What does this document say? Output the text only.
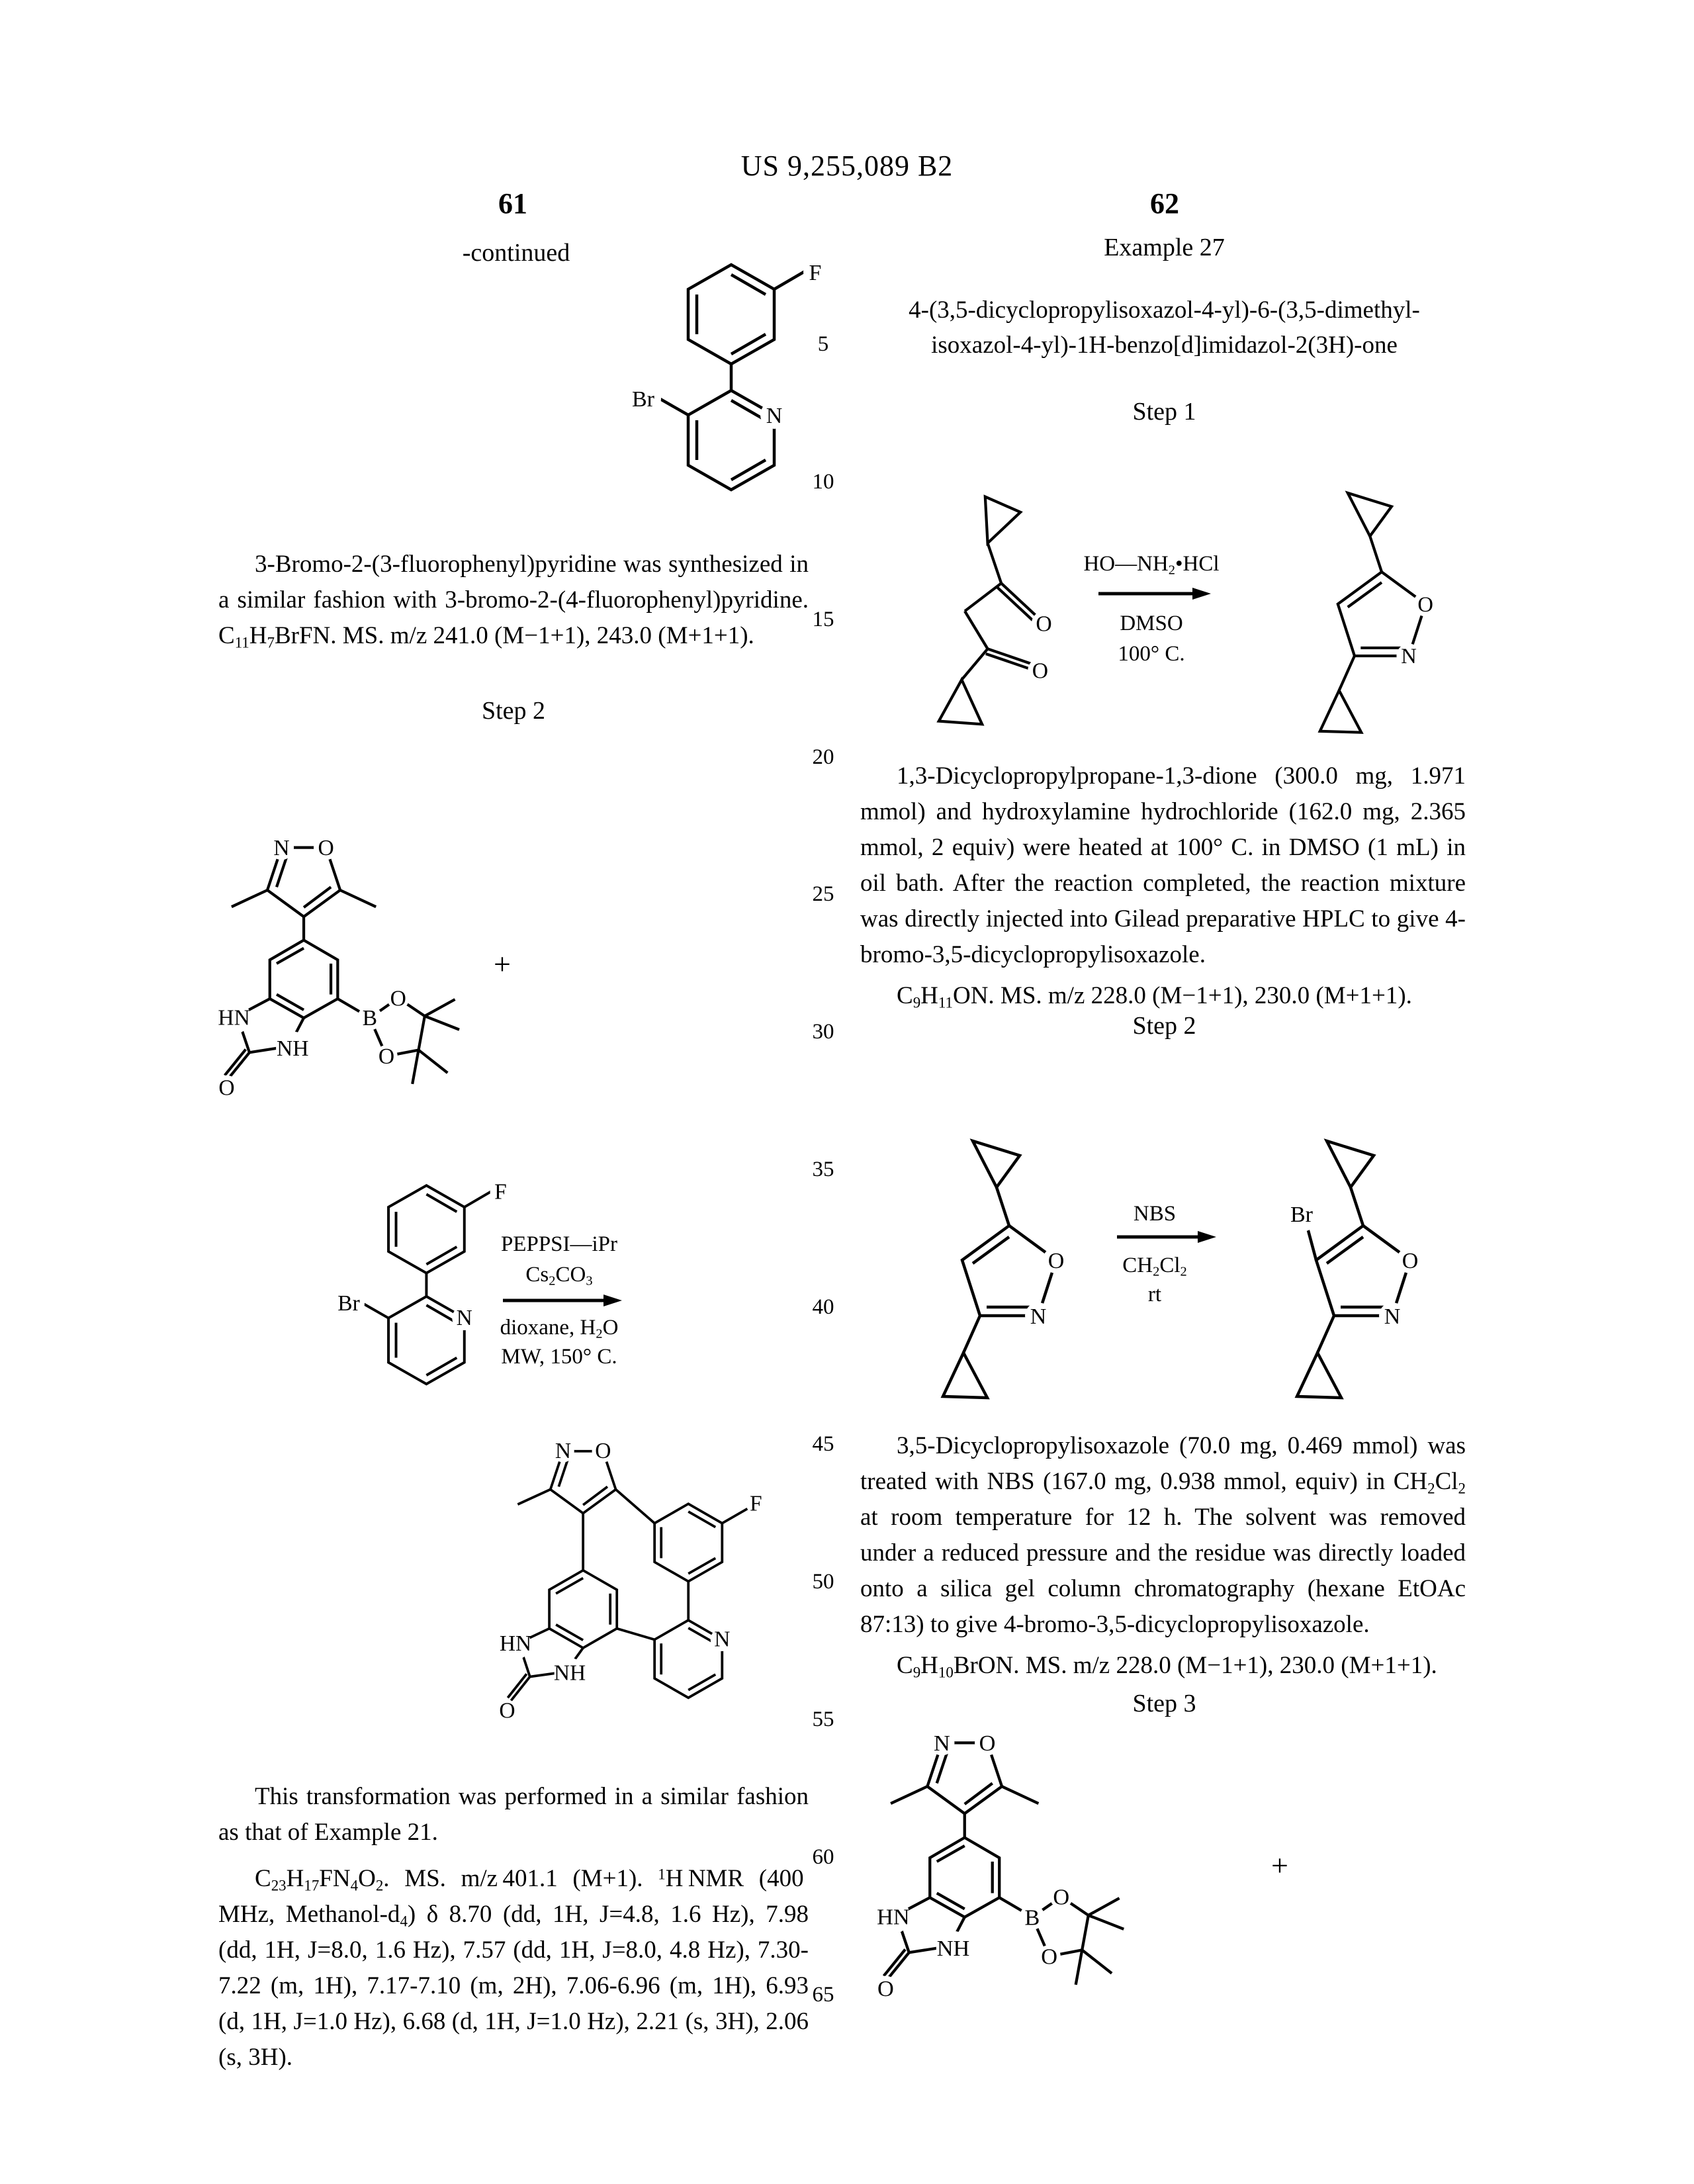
US 9,255,089 B2
61	62
-continued
5
10
15
20
25
30
35
40
45
50
55
60
65
F
Br
N
3-Bromo-2-(3-fluorophenyl)pyridine was synthesized in a similar fashion with 3-bromo-2-(4-fluorophenyl)pyridine. $C_{11}H_7BrFN$. MS. m/z 241.0 (M−1+1), 243.0 (M+1+1).
Step 2
N O
B
O
O
HN
NH
O
+
F
Br
N
PEPPSI—iPr
$Cs_2CO_3$
dioxane, $H_2O$
MW, 150° C.
N O
F
N
HN
NH
O
This transformation was performed in a similar fashion as that of Example 21.
$C_{23}H_{17}FN_4O_2$. MS. m/z 401.1 (M+1). $^1$H NMR (400 MHz, Methanol-$d_4$) δ 8.70 (dd, 1H, J=4.8, 1.6 Hz), 7.98 (dd, 1H, J=8.0, 1.6 Hz), 7.57 (dd, 1H, J=8.0, 4.8 Hz), 7.30-7.22 (m, 1H), 7.17-7.10 (m, 2H), 7.06-6.96 (m, 1H), 6.93 (d, 1H, J=1.0 Hz), 6.68 (d, 1H, J=1.0 Hz), 2.21 (s, 3H), 2.06 (s, 3H).
Example 27
4-(3,5-dicyclopropylisoxazol-4-yl)-6-(3,5-dimethyl-
isoxazol-4-yl)-1H-benzo[d]imidazol-2(3H)-one
Step 1
O
O
$HO—NH_2•HCl$
DMSO
100° C.
O
N
1,3-Dicyclopropylpropane-1,3-dione (300.0 mg, 1.971 mmol) and hydroxylamine hydrochloride (162.0 mg, 2.365 mmol, 2 equiv) were heated at 100° C. in DMSO (1 mL) in oil bath. After the reaction completed, the reaction mixture was directly injected into Gilead preparative HPLC to give 4-bromo-3,5-dicyclopropylisoxazole.
$C_9H_{11}ON$. MS. m/z 228.0 (M−1+1), 230.0 (M+1+1).
Step 2
O
N
NBS
$CH_2Cl_2$
rt
Br
O
N
3,5-Dicyclopropylisoxazole (70.0 mg, 0.469 mmol) was treated with NBS (167.0 mg, 0.938 mmol, equiv) in $CH_2Cl_2$ at room temperature for 12 h. The solvent was removed under a reduced pressure and the residue was directly loaded onto a silica gel column chromatography (hexane EtOAc 87:13) to give 4-bromo-3,5-dicyclopropylisoxazole.
$C_9H_{10}BrON$. MS. m/z 228.0 (M−1+1), 230.0 (M+1+1).
Step 3
N O
B
O
O
HN
NH
O
+
